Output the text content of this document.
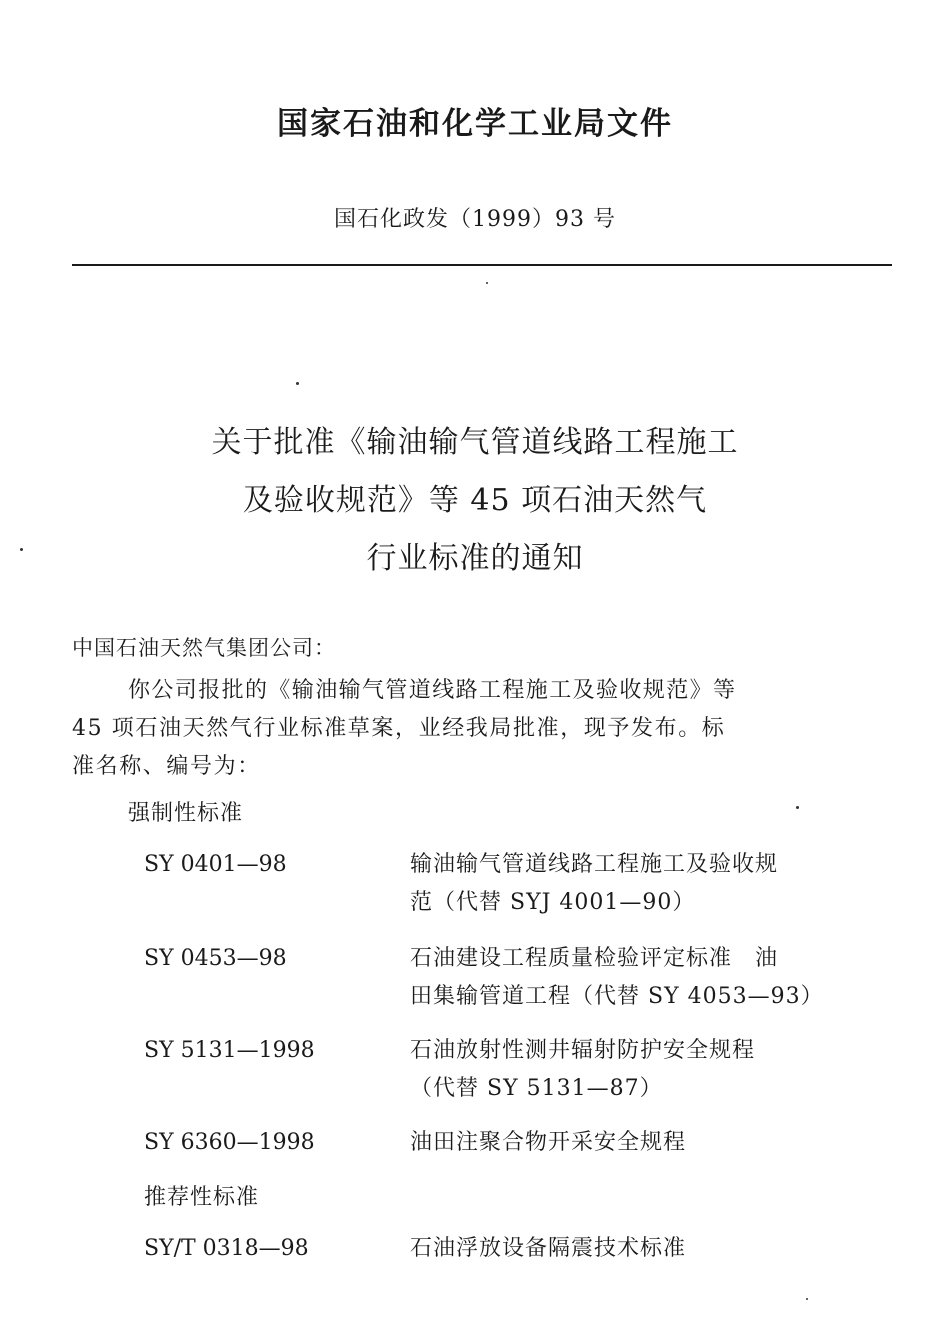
国家石油和化学工业局文件
国石化政发（1999）93 号
关于批准《输油输气管道线路工程施工
及验收规范》等 45 项石油天然气
行业标准的通知
中国石油天然气集团公司：
你公司报批的《输油输气管道线路工程施工及验收规范》等
45 项石油天然气行业标准草案，业经我局批准，现予发布。标
准名称、编号为：
强制性标准
SY 0401—98	输油输气管道线路工程施工及验收规
范（代替 SYJ 4001—90）
SY 0453—98	石油建设工程质量检验评定标准　油
田集输管道工程（代替 SY 4053—93）
SY 5131—1998	石油放射性测井辐射防护安全规程
（代替 SY 5131—87）
SY 6360—1998	油田注聚合物开采安全规程
推荐性标准
SY/T 0318—98	石油浮放设备隔震技术标准
